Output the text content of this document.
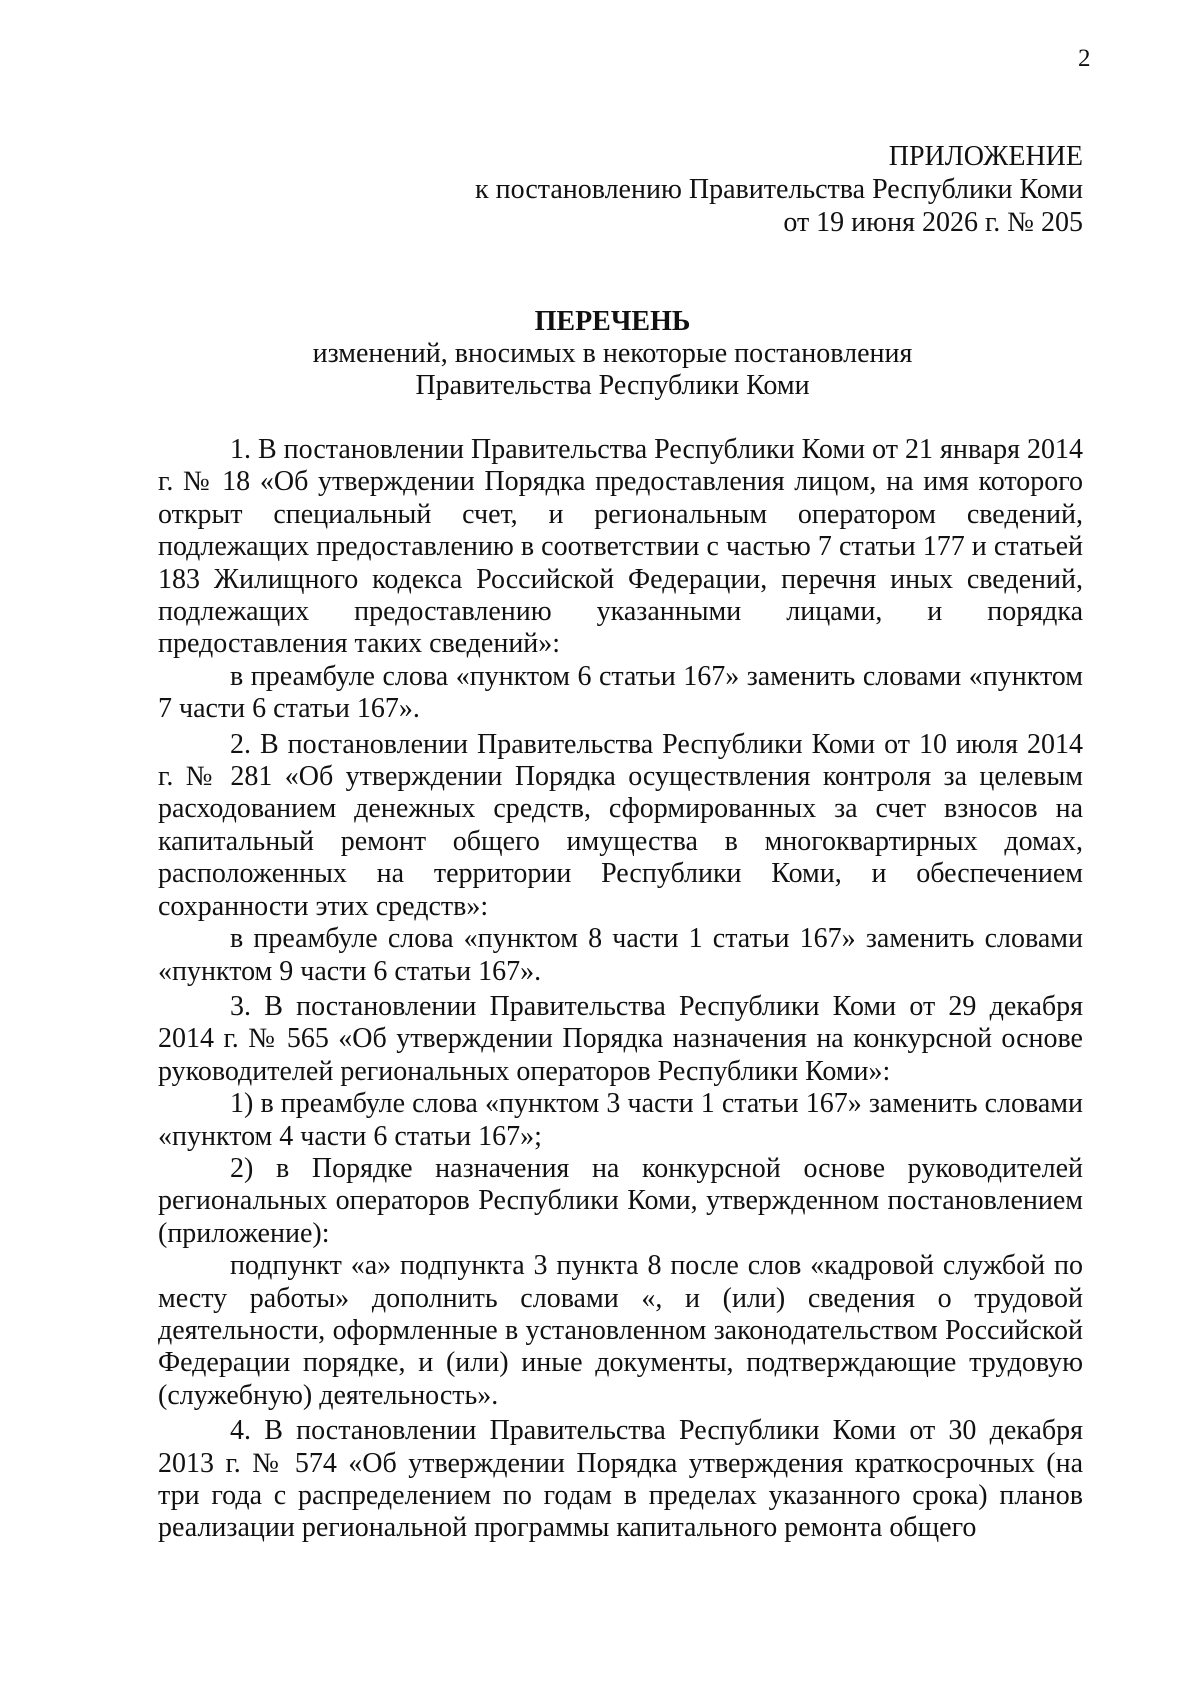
2
ПРИЛОЖЕНИЕ
к постановлению Правительства Республики Коми
от 19 июня 2026 г. № 205
ПЕРЕЧЕНЬ
изменений, вносимых в некоторые постановления
Правительства Республики Коми

1. В постановлении Правительства Республики Коми от 21 января 2014 г. № 18 «Об утверждении Порядка предоставления лицом, на имя которого открыт специальный счет, и региональным оператором сведений, подлежащих предоставлению в соответствии с частью 7 статьи 177 и статьей 183 Жилищного кодекса Российской Федерации, перечня иных сведений, подлежащих предоставлению указанными лицами, и порядка предоставления таких сведений»:

в преамбуле слова «пунктом 6 статьи 167» заменить словами «пунктом 7 части 6 статьи 167».

2. В постановлении Правительства Республики Коми от 10 июля 2014 г. № 281 «Об утверждении Порядка осуществления контроля за целевым расходованием денежных средств, сформированных за счет взносов на капитальный ремонт общего имущества в многоквартирных домах, расположенных на территории Республики Коми, и обеспечением сохранности этих средств»:

в преамбуле слова «пунктом 8 части 1 статьи 167» заменить словами «пунктом 9 части 6 статьи 167».

3. В постановлении Правительства Республики Коми от 29 декабря 2014 г. № 565 «Об утверждении Порядка назначения на конкурсной основе руководителей региональных операторов Республики Коми»:

1) в преамбуле слова «пунктом 3 части 1 статьи 167» заменить словами «пунктом 4 части 6 статьи 167»;

2) в Порядке назначения на конкурсной основе руководителей региональных операторов Республики Коми, утвержденном постановлением (приложение):

подпункт «а» подпункта 3 пункта 8 после слов «кадровой службой по месту работы» дополнить словами «, и (или) сведения о трудовой деятельности, оформленные в установленном законодательством Российской Федерации порядке, и (или) иные документы, подтверждающие трудовую (служебную) деятельность».

4. В постановлении Правительства Республики Коми от 30 декабря 2013 г. № 574 «Об утверждении Порядка утверждения краткосрочных (на три года с распределением по годам в пределах указанного срока) планов реализации региональной программы капитального ремонта общего
